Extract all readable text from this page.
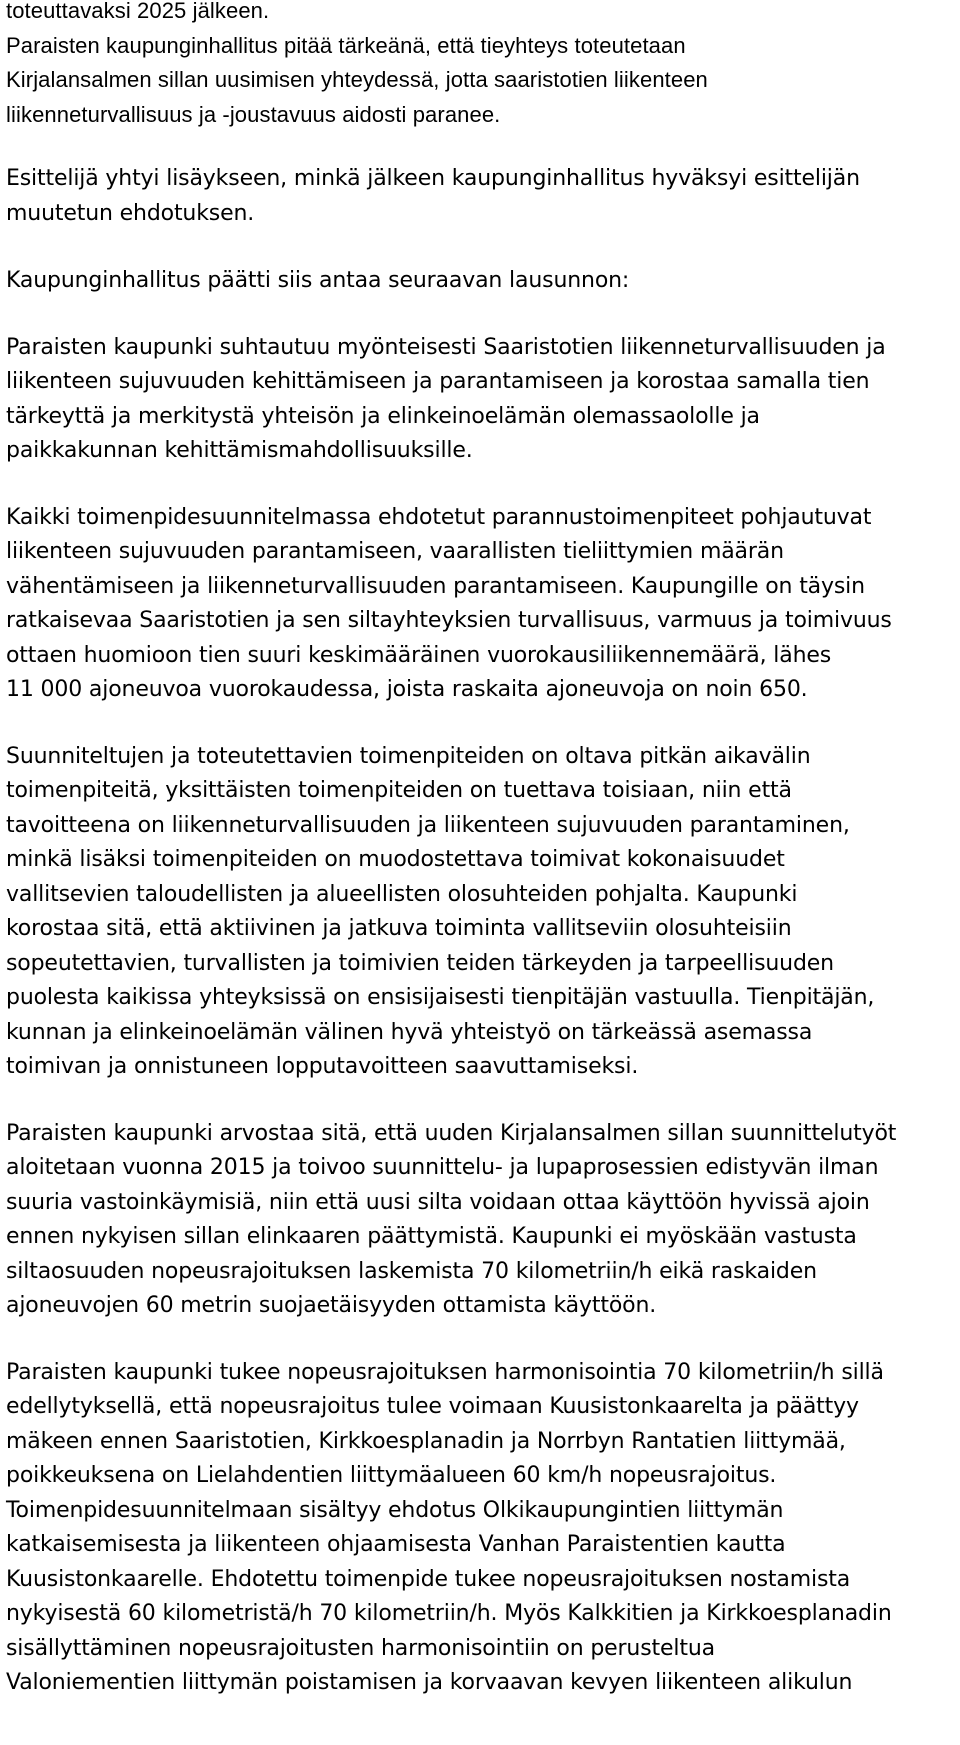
toteuttavaksi 2025 jälkeen.
Paraisten kaupunginhallitus pitää tärkeänä, että tieyhteys toteutetaan
Kirjalansalmen sillan uusimisen yhteydessä, jotta saaristotien liikenteen
liikenneturvallisuus ja -joustavuus aidosti paranee.
Esittelijä yhtyi lisäykseen, minkä jälkeen kaupunginhallitus hyväksyi esittelijän
muutetun ehdotuksen.
Kaupunginhallitus päätti siis antaa seuraavan lausunnon:
Paraisten kaupunki suhtautuu myönteisesti Saaristotien liikenneturvallisuuden ja
liikenteen sujuvuuden kehittämiseen ja parantamiseen ja korostaa samalla tien
tärkeyttä ja merkitystä yhteisön ja elinkeinoelämän olemassaololle ja
paikkakunnan kehittämismahdollisuuksille.
Kaikki toimenpidesuunnitelmassa ehdotetut parannustoimenpiteet pohjautuvat
liikenteen sujuvuuden parantamiseen, vaarallisten tieliittymien määrän
vähentämiseen ja liikenneturvallisuuden parantamiseen. Kaupungille on täysin
ratkaisevaa Saaristotien ja sen siltayhteyksien turvallisuus, varmuus ja toimivuus
ottaen huomioon tien suuri keskimääräinen vuorokausiliikennemäärä, lähes
11 000 ajoneuvoa vuorokaudessa, joista raskaita ajoneuvoja on noin 650.
Suunniteltujen ja toteutettavien toimenpiteiden on oltava pitkän aikavälin
toimenpiteitä, yksittäisten toimenpiteiden on tuettava toisiaan, niin että
tavoitteena on liikenneturvallisuuden ja liikenteen sujuvuuden parantaminen,
minkä lisäksi toimenpiteiden on muodostettava toimivat kokonaisuudet
vallitsevien taloudellisten ja alueellisten olosuhteiden pohjalta. Kaupunki
korostaa sitä, että aktiivinen ja jatkuva toiminta vallitseviin olosuhteisiin
sopeutettavien, turvallisten ja toimivien teiden tärkeyden ja tarpeellisuuden
puolesta kaikissa yhteyksissä on ensisijaisesti tienpitäjän vastuulla. Tienpitäjän,
kunnan ja elinkeinoelämän välinen hyvä yhteistyö on tärkeässä asemassa
toimivan ja onnistuneen lopputavoitteen saavuttamiseksi.
Paraisten kaupunki arvostaa sitä, että uuden Kirjalansalmen sillan suunnittelutyöt
aloitetaan vuonna 2015 ja toivoo suunnittelu- ja lupaprosessien edistyvän ilman
suuria vastoinkäymisiä, niin että uusi silta voidaan ottaa käyttöön hyvissä ajoin
ennen nykyisen sillan elinkaaren päättymistä. Kaupunki ei myöskään vastusta
siltaosuuden nopeusrajoituksen laskemista 70 kilometriin/h eikä raskaiden
ajoneuvojen 60 metrin suojaetäisyyden ottamista käyttöön.
Paraisten kaupunki tukee nopeusrajoituksen harmonisointia 70 kilometriin/h sillä
edellytyksellä, että nopeusrajoitus tulee voimaan Kuusistonkaarelta ja päättyy
mäkeen ennen Saaristotien, Kirkkoesplanadin ja Norrbyn Rantatien liittymää,
poikkeuksena on Lielahdentien liittymäalueen 60 km/h nopeusrajoitus.
Toimenpidesuunnitelmaan sisältyy ehdotus Olkikaupungintien liittymän
katkaisemisesta ja liikenteen ohjaamisesta Vanhan Paraistentien kautta
Kuusistonkaarelle. Ehdotettu toimenpide tukee nopeusrajoituksen nostamista
nykyisestä 60 kilometristä/h 70 kilometriin/h. Myös Kalkkitien ja Kirkkoesplanadin
sisällyttäminen nopeusrajoitusten harmonisointiin on perusteltua
Valoniementien liittymän poistamisen ja korvaavan kevyen liikenteen alikulun
